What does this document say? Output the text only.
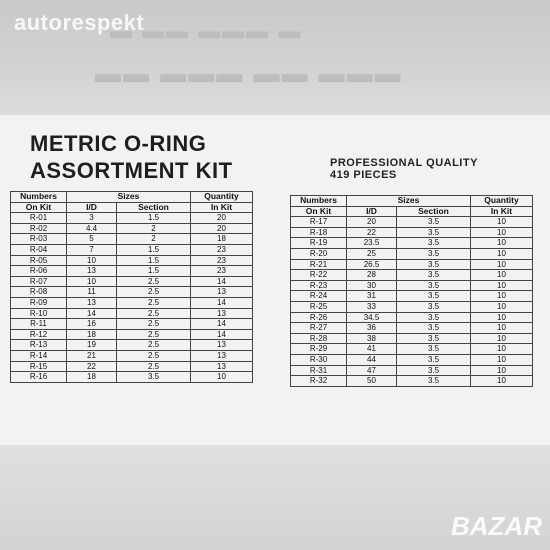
▬ ▬▬ ▬▬▬ ▬
▬▬ ▬▬▬ ▬▬ ▬▬▬
autorespekt
METRIC O-RING
ASSORTMENT KIT	PROFESSIONAL QUALITY
419 PIECES
Numbers	Sizes		Quantity
On Kit	I/D	Section	In Kit
R-01	3	1.5	20
R-02	4.4	2	20
R-03	5	2	18
R-04	7	1.5	23
R-05	10	1.5	23
R-06	13	1.5	23
R-07	10	2.5	14
R-08	11	2.5	13
R-09	13	2.5	14
R-10	14	2.5	13
R-11	16	2.5	14
R-12	18	2.5	14
R-13	19	2.5	13
R-14	21	2.5	13
R-15	22	2.5	13
R-16	18	3.5	10
Numbers	Sizes		Quantity
On Kit	I/D	Section	In Kit
R-17	20	3.5	10
R-18	22	3.5	10
R-19	23.5	3.5	10
R-20	25	3.5	10
R-21	26.5	3.5	10
R-22	28	3.5	10
R-23	30	3.5	10
R-24	31	3.5	10
R-25	33	3.5	10
R-26	34.5	3.5	10
R-27	36	3.5	10
R-28	38	3.5	10
R-29	41	3.5	10
R-30	44	3.5	10
R-31	47	3.5	10
R-32	50	3.5	10
BAZAR
